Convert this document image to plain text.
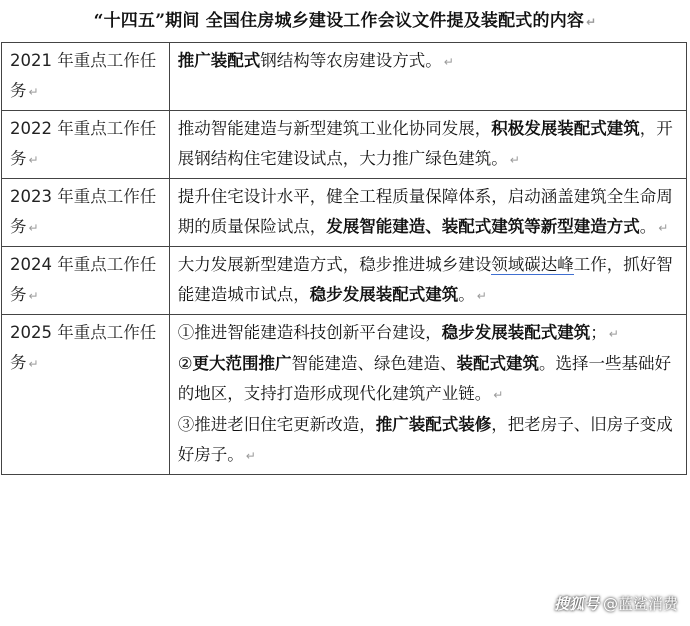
“十四五”期间 全国住房城乡建设工作会议文件提及装配式的内容 ↵
2021 年重点工作任务 ↵	推广装配式钢结构等农房建设方式。 ↵

2022 年重点工作任务 ↵	推动智能建造与新型建筑工业化协同发展，积极发展装配式建筑，开展钢结构住宅建设试点，大力推广绿色建筑。 ↵

2023 年重点工作任务 ↵	提升住宅设计水平，健全工程质量保障体系，启动涵盖建筑全生命周期的质量保险试点，发展智能建造、装配式建筑等新型建造方式。 ↵

2024 年重点工作任务 ↵	大力发展新型建造方式，稳步推进城乡建设领域碳达峰工作，抓好智能建造城市试点，稳步发展装配式建筑。 ↵

2025 年重点工作任务 ↵	①推进智能建造科技创新平台建设，稳步发展装配式建筑； ↵

②更大范围推广智能建造、绿色建造、装配式建筑。选择一些基础好的地区，支持打造形成现代化建筑产业链。 ↵

③推进老旧住宅更新改造，推广装配式装修，把老房子、旧房子变成好房子。 ↵

搜狐号 @蓝鲨消费
